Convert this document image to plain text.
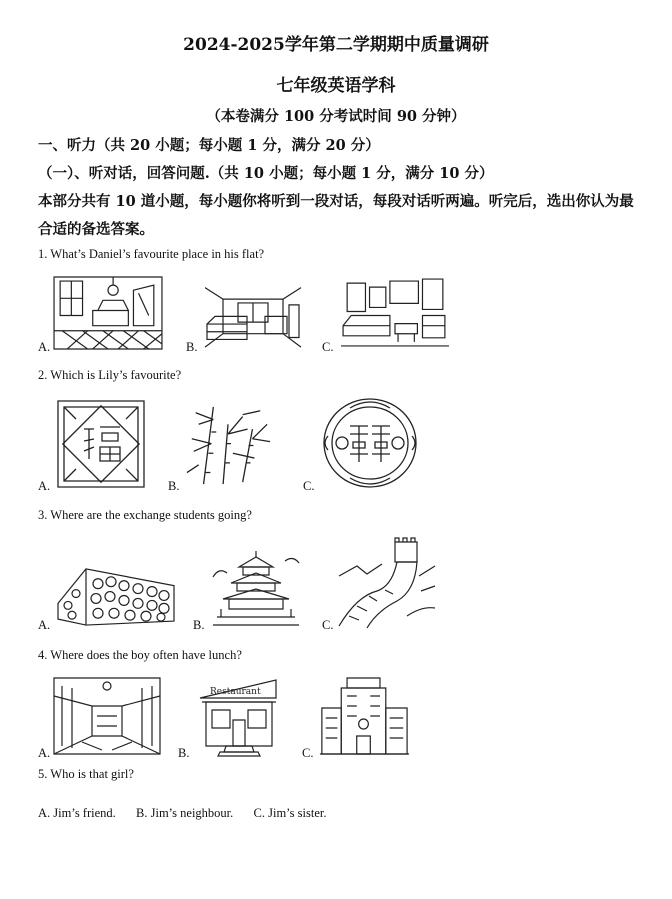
2024-2025学年第二学期期中质量调研
七年级英语学科
（本卷满分 100 分考试时间 90 分钟）
一、听力（共 20 小题；每小题 1 分，满分 20 分）
（一）、听对话，回答问题.（共 10 小题；每小题 1 分，满分 10 分）
本部分共有 10 道小题，每小题你将听到一段对话，每段对话听两遍。听完后，选出你认为最
合适的备选答案。
1. What’s Daniel’s favourite place in his flat?
A.	B.	C.
2. Which is Lily’s favourite?
A.	B.	C.
3. Where are the exchange students going?
A.	B.	C.
4. Where does the boy often have lunch?
A.	B.
Restaurant
C.
5. Who is that girl?
A. Jim’s friend. B. Jim’s neighbour. C. Jim’s sister.
